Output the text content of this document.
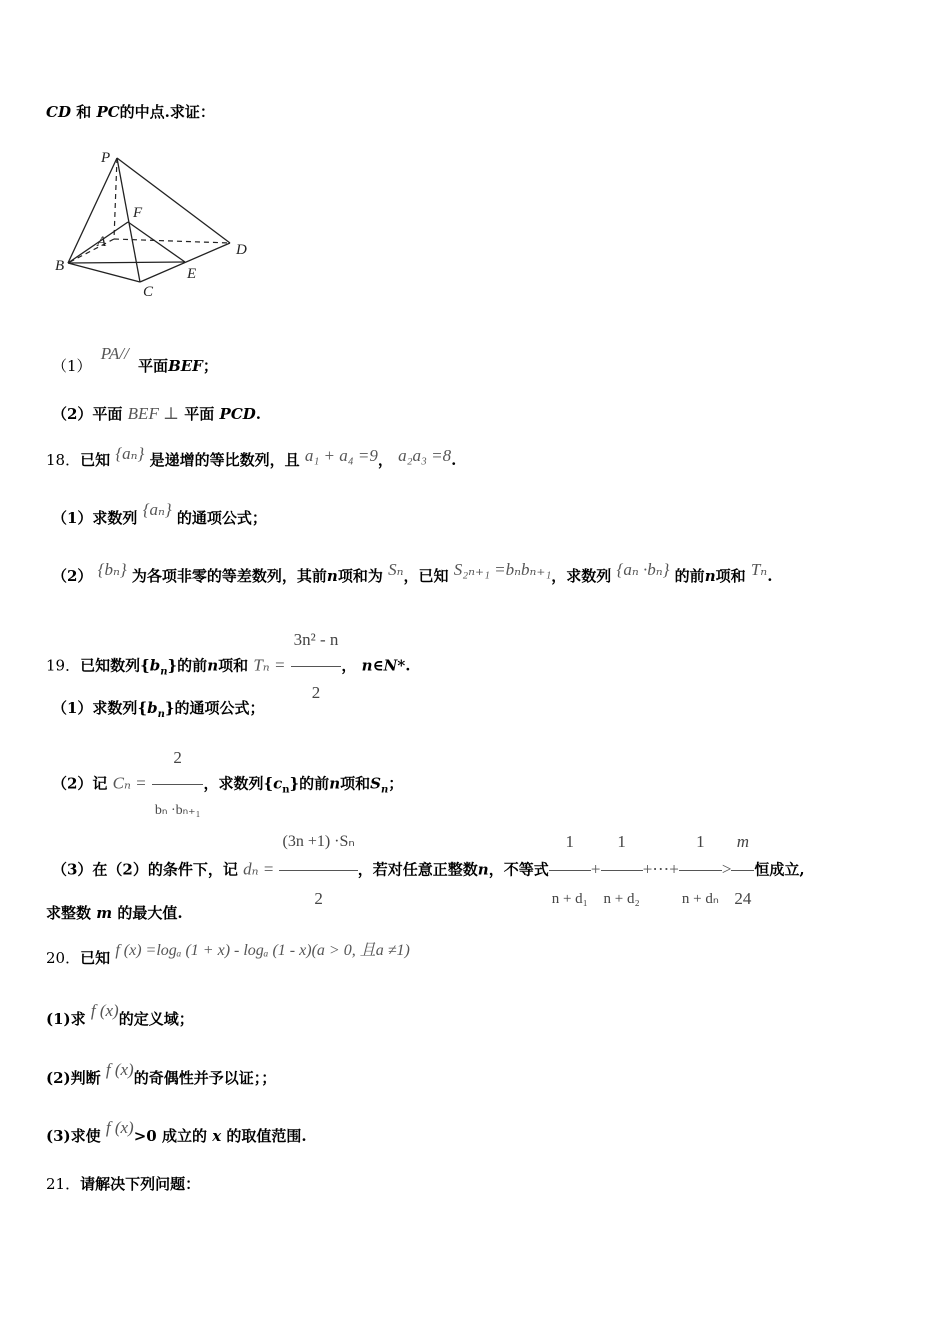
CD 和 PC的中点.求证：
P
F
A	D
B	E
C
（1） PA// 平面BEF；
（2）平面 BEF ⊥ 平面 PCD.
18．已知 {aₙ} 是递增的等比数列，且 a₁ + a₄ =9， a₂a₃ =8.
（1）求数列 {aₙ} 的通项公式；
（2） {bₙ} 为各项非零的等差数列，其前n项和为 Sₙ，已知 S₂ₙ₊₁ =bₙbₙ₊₁，求数列 {aₙ ·bₙ} 的前n项和 Tₙ.
19．已知数列$\{b_n\}$的前n项和 $T_n = \frac{\text{3n² - n}}{2}$ ， n∈N*.
（1）求数列$\{b_n\}$的通项公式；
（2）记 $C_n = \frac{2}{\text{bₙ ·bₙ₊₁}}$ ，求数列$\{c_n\}$的前n项和$S_n$；
（3）在（2）的条件下，记 $d_n = \frac{\text{(3n +1) ·Sₙ}}{2}$ ，若对任意正整数n，不等式 $\frac{1}{\text{n + d₁}} + \frac{1}{\text{n + d₂}}$ +⋯+ $\frac{1}{\text{n + dₙ}} > \frac{m}{24}$ 恒成立,
求整数 m 的最大值.
20．已知 f (x) =logₐ (1 + x) - logₐ (1 - x)(a > 0, 且a ≠1)
(1)求 f (x)的定义域；
(2)判断 f (x)的奇偶性并予以证；；
(3)求使 f (x)>0 成立的 x 的取值范围.
21．请解决下列问题：
